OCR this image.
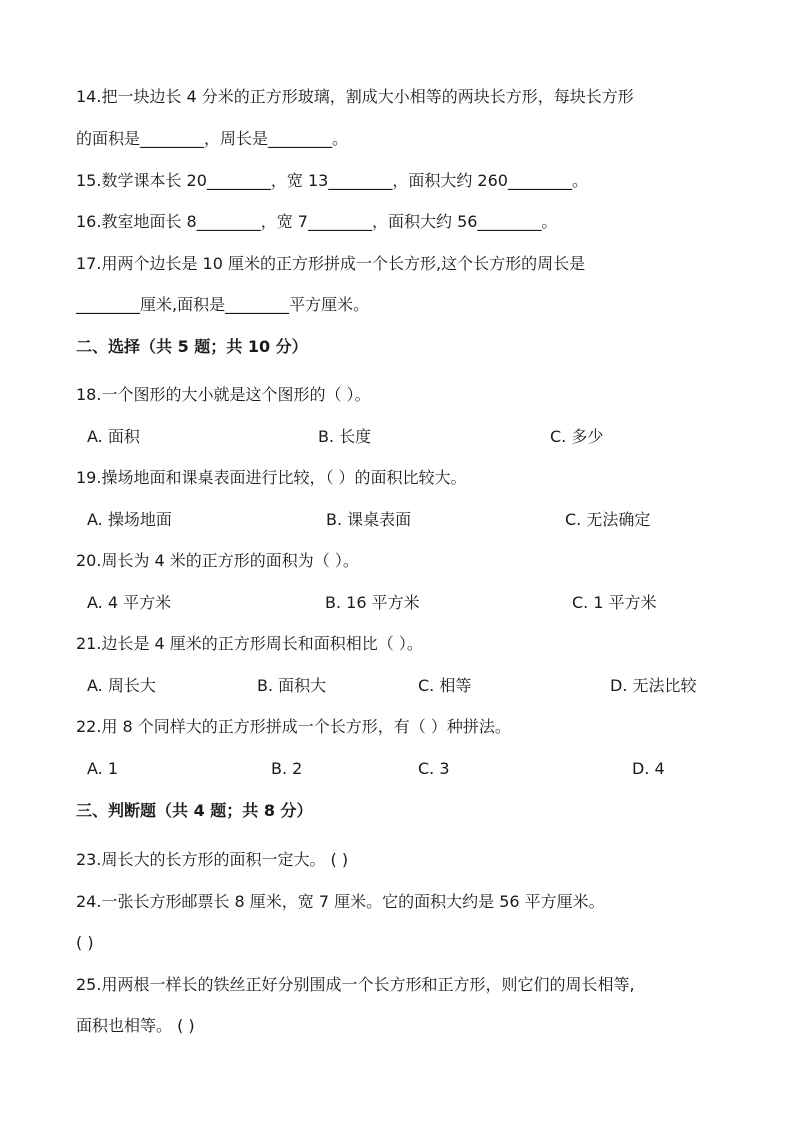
14.把一块边长 4 分米的正方形玻璃，割成大小相等的两块长方形，每块长方形
的面积是________，周长是________。
15.数学课本长 20________，宽 13________，面积大约 260________。
16.教室地面长 8________，宽 7________，面积大约 56________。
17.用两个边长是 10 厘米的正方形拼成一个长方形,这个长方形的周长是
________厘米,面积是________平方厘米。
二、选择（共 5 题；共 10 分）
18.一个图形的大小就是这个图形的（ ）。
A. 面积	B. 长度	C. 多少
19.操场地面和课桌表面进行比较，（ ）的面积比较大。
A. 操场地面	B. 课桌表面	C. 无法确定
20.周长为 4 米的正方形的面积为（ ）。
A. 4 平方米	B. 16 平方米	C. 1 平方米
21.边长是 4 厘米的正方形周长和面积相比（ ）。
A. 周长大	B. 面积大	C. 相等	D. 无法比较
22.用 8 个同样大的正方形拼成一个长方形，有（ ）种拼法。
A. 1	B. 2	C. 3	D. 4
三、判断题（共 4 题；共 8 分）
23.周长大的长方形的面积一定大。 ( )
24.一张长方形邮票长 8 厘米，宽 7 厘米。它的面积大约是 56 平方厘米。
( )
25.用两根一样长的铁丝正好分别围成一个长方形和正方形，则它们的周长相等,
面积也相等。 ( )
